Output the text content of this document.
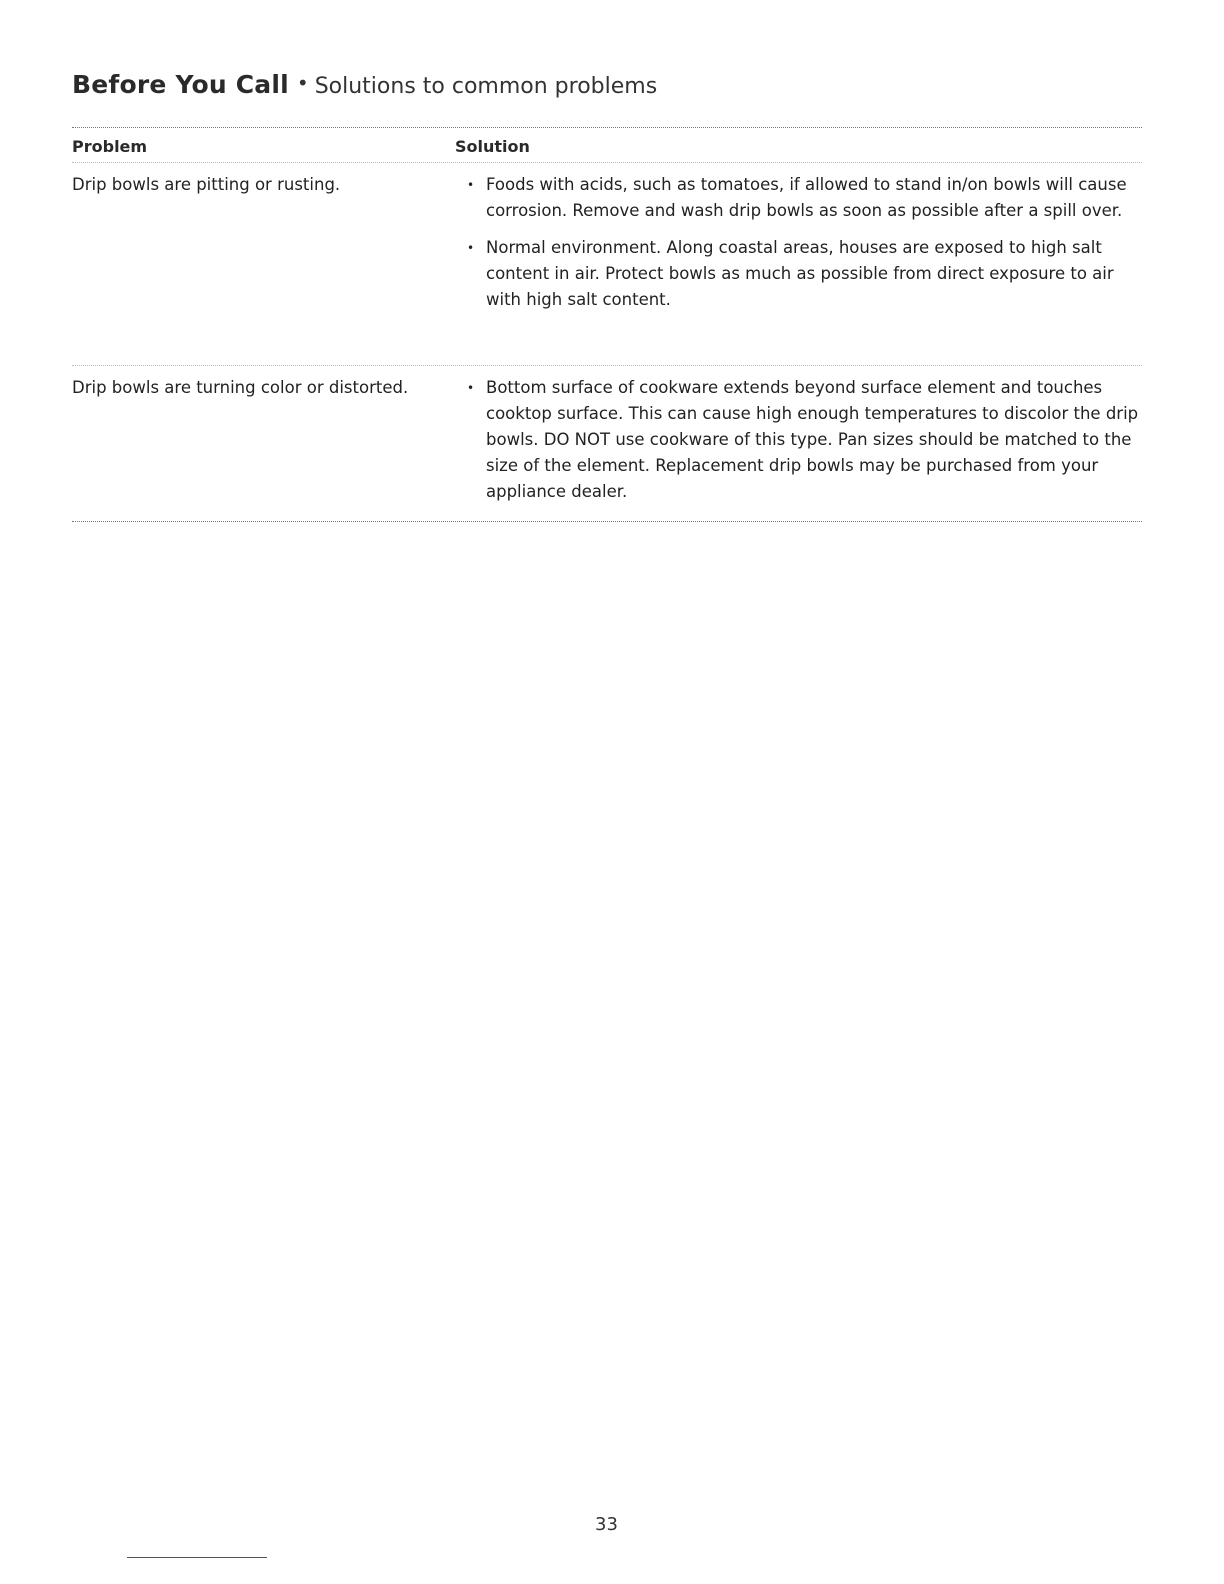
Before You Call • Solutions to common problems
Problem	Solution
Drip bowls are pitting or rusting.	• Foods with acids, such as tomatoes, if allowed to stand in/on bowls will cause corrosion. Remove and wash drip bowls as soon as possible after a spill over.
• Normal environment. Along coastal areas, houses are exposed to high salt content in air. Protect bowls as much as possible from direct exposure to air with high salt content.
Drip bowls are turning color or distorted.	• Bottom surface of cookware extends beyond surface element and touches cooktop surface. This can cause high enough temperatures to discolor the drip bowls. DO NOT use cookware of this type. Pan sizes should be matched to the size of the element. Replacement drip bowls may be purchased from your appliance dealer.
33
